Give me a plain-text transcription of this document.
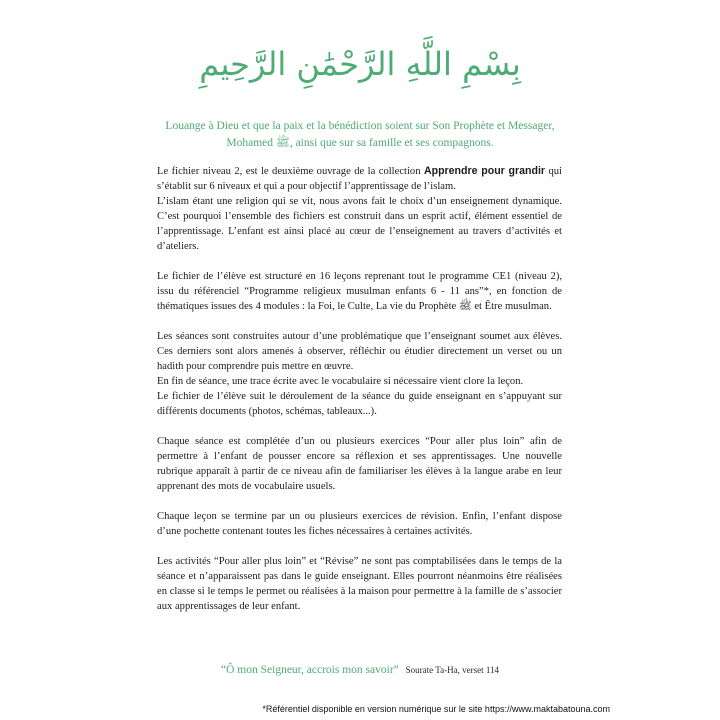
بِسْمِ اللَّهِ الرَّحْمَٰنِ الرَّحِيمِ
Louange à Dieu et que la paix et la bénédiction soient sur Son Prophète et Messager,
Mohamed ﷺ, ainsi que sur sa famille et ses compagnons.

Le fichier niveau 2, est le deuxième ouvrage de la collection Apprendre pour grandir qui s’établit sur 6 niveaux et qui a pour objectif l’apprentissage de l’islam.
L’islam étant une religion qui se vit, nous avons fait le choix d’un enseignement dynamique. C’est pourquoi l’ensemble des fichiers est construit dans un esprit actif, élément essentiel de l’apprentissage. L’enfant est ainsi placé au cœur de l’enseignement au travers d’activités et d’ateliers.

Le fichier de l’élève est structuré en 16 leçons reprenant tout le programme CE1 (niveau 2), issu du référenciel “Programme religieux musulman enfants 6 - 11 ans”*, en fonction de thématiques issues des 4 modules : la Foi, le Culte, La vie du Prophète ﷺ et Être musulman.

Les séances sont construites autour d’une problématique que l’enseignant soumet aux élèves. Ces derniers sont alors amenés à observer, réfléchir ou étudier directement un verset ou un hadith pour comprendre puis mettre en œuvre.
En fin de séance, une trace écrite avec le vocabulaire si nécessaire vient clore la leçon.
Le fichier de l’élève suit le déroulement de la séance du guide enseignant en s’appuyant sur différents documents (photos, schémas, tableaux...).

Chaque séance est complétée d’un ou plusieurs exercices “Pour aller plus loin” afin de permettre à l’enfant de pousser encore sa réflexion et ses apprentissages. Une nouvelle rubrique apparaît à partir de ce niveau afin de familiariser les élèves à la langue arabe en leur apprenant des mots de vocabulaire usuels.

Chaque leçon se termine par un ou plusieurs exercices de révision. Enfin, l’enfant dispose d’une pochette contenant toutes les fiches nécessaires à certaines activités.

Les activités “Pour aller plus loin” et “Révise” ne sont pas comptabilisées dans le temps de la séance et n’apparaissent pas dans le guide enseignant. Elles pourront néanmoins être réalisées en classe si le temps le permet ou réalisées à la maison pour permettre à la famille de s’associer aux apprentissages de leur enfant.

“Ô mon Seigneur, accrois mon savoir” Sourate Ta-Ha, verset 114
*Référentiel disponible en version numérique sur le site https://www.maktabatouna.com
